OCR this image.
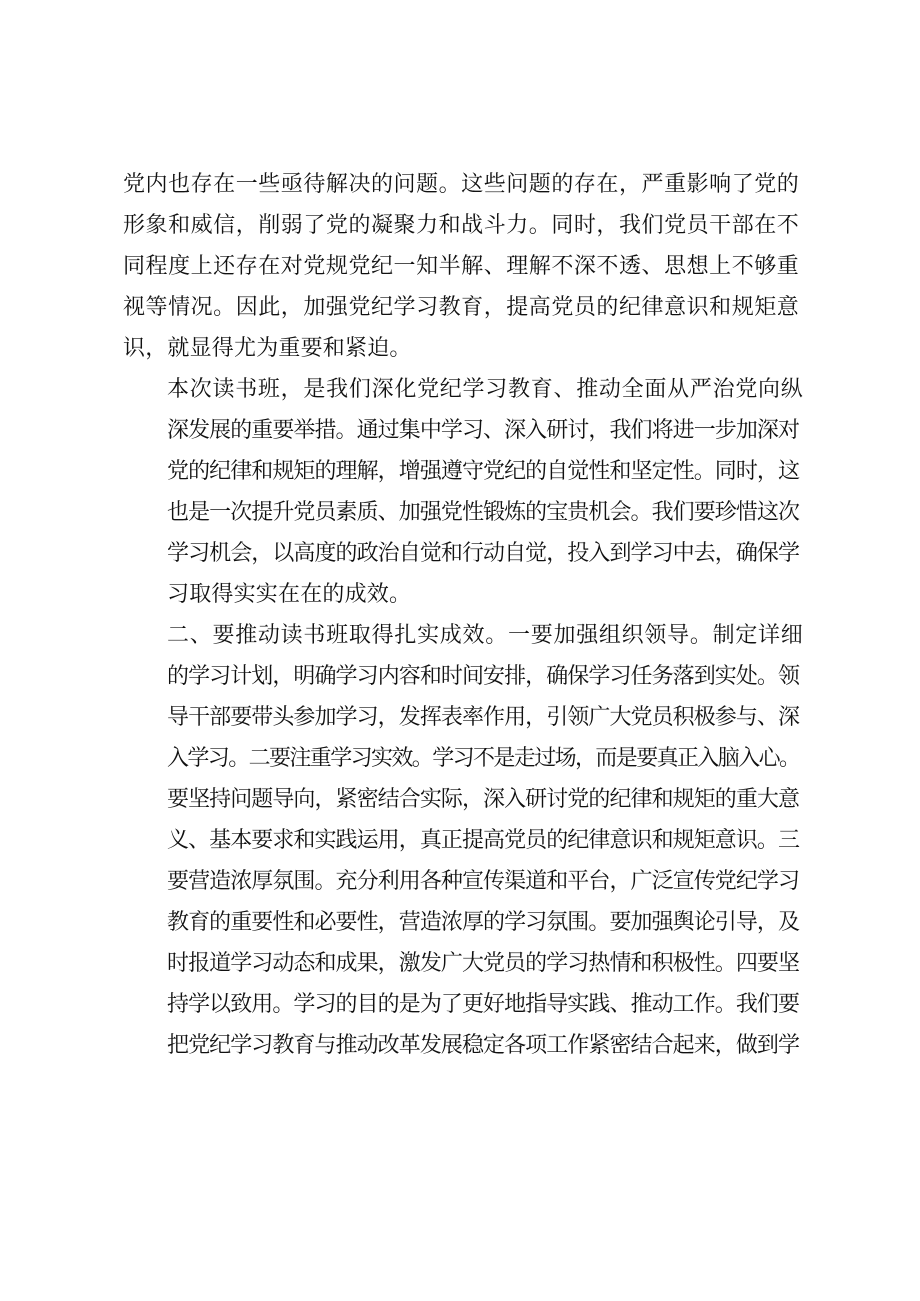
党内也存在一些亟待解决的问题。这些问题的存在，严重影响了党的
形象和威信，削弱了党的凝聚力和战斗力。同时，我们党员干部在不
同程度上还存在对党规党纪一知半解、理解不深不透、思想上不够重
视等情况。因此，加强党纪学习教育，提高党员的纪律意识和规矩意
识，就显得尤为重要和紧迫。

本次读书班，是我们深化党纪学习教育、推动全面从严治党向纵
深发展的重要举措。通过集中学习、深入研讨，我们将进一步加深对
党的纪律和规矩的理解，增强遵守党纪的自觉性和坚定性。同时，这
也是一次提升党员素质、加强党性锻炼的宝贵机会。我们要珍惜这次
学习机会，以高度的政治自觉和行动自觉，投入到学习中去，确保学
习取得实实在在的成效。

二、要推动读书班取得扎实成效。一要加强组织领导。制定详细
的学习计划，明确学习内容和时间安排，确保学习任务落到实处。领
导干部要带头参加学习，发挥表率作用，引领广大党员积极参与、深
入学习。二要注重学习实效。学习不是走过场，而是要真正入脑入心。
要坚持问题导向，紧密结合实际，深入研讨党的纪律和规矩的重大意
义、基本要求和实践运用，真正提高党员的纪律意识和规矩意识。三
要营造浓厚氛围。充分利用各种宣传渠道和平台，广泛宣传党纪学习
教育的重要性和必要性，营造浓厚的学习氛围。要加强舆论引导，及
时报道学习动态和成果，激发广大党员的学习热情和积极性。四要坚
持学以致用。学习的目的是为了更好地指导实践、推动工作。我们要
把党纪学习教育与推动改革发展稳定各项工作紧密结合起来，做到学
